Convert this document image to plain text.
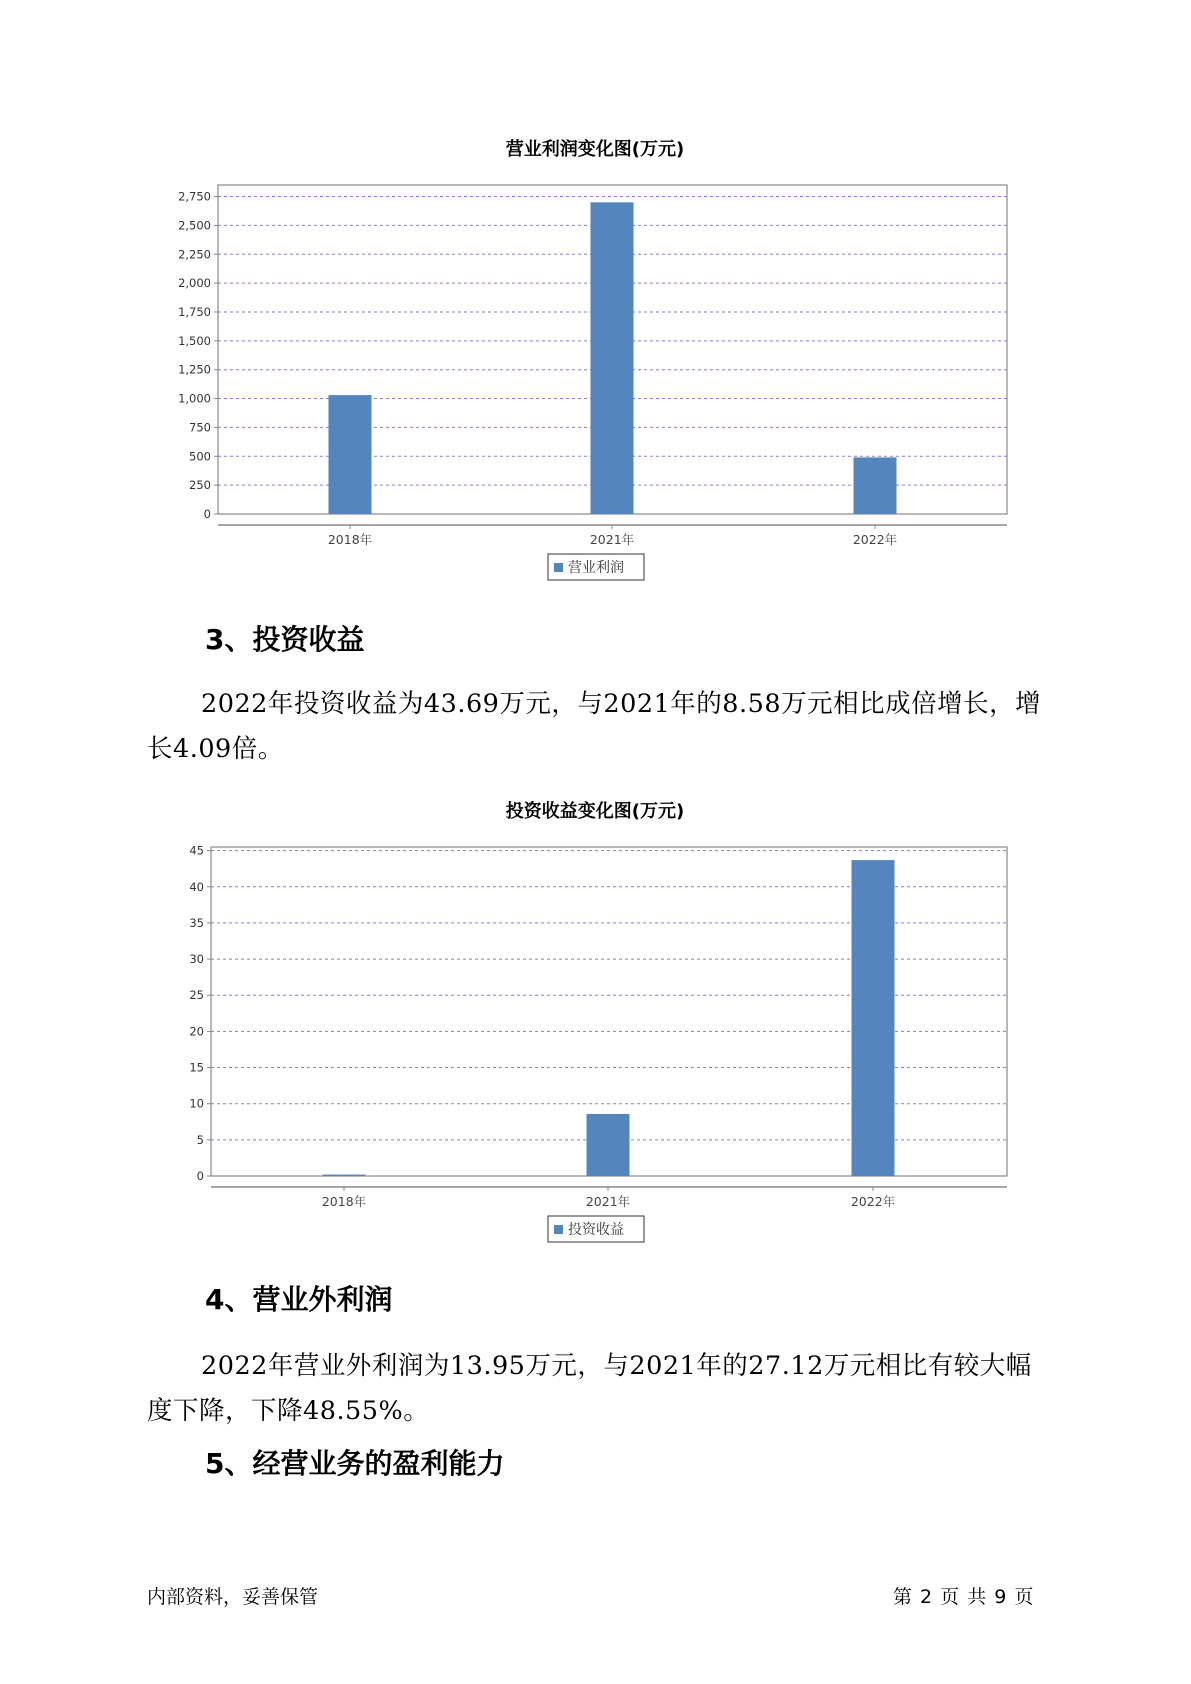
营业利润变化图(万元)
0
250
500
750
1,000
1,250
1,500
1,750
2,000
2,250
2,500
2,750
2018年	2021年	2022年
营业利润
3、投资收益

2022年投资收益为43.69万元，与2021年的8.58万元相比成倍增长，增长4.09倍。

投资收益变化图(万元)
0
5
10
15
20
25
30
35
40
45
2018年	2021年	2022年
投资收益
4、营业外利润

2022年营业外利润为13.95万元，与2021年的27.12万元相比有较大幅度下降，下降48.55%。

5、经营业务的盈利能力
内部资料，妥善保管	第 2 页 共 9 页
